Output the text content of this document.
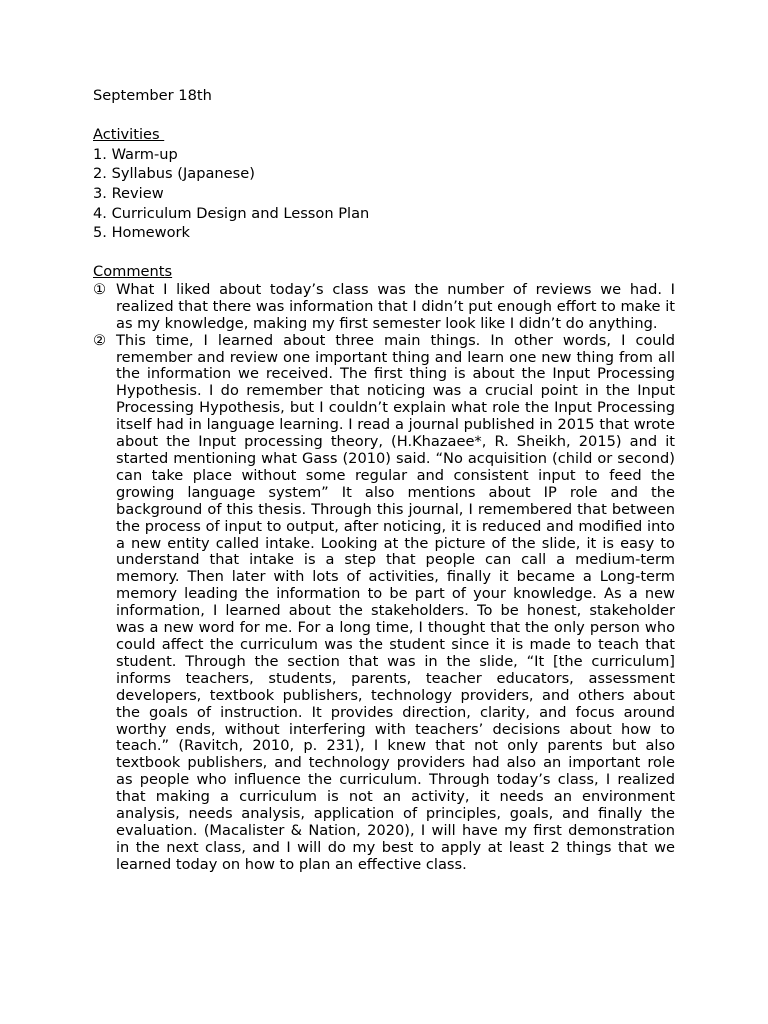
September 18th
Activities
1. Warm-up
2. Syllabus (Japanese)
3. Review
4. Curriculum Design and Lesson Plan
5. Homework
Comments
① What I liked about today’s class was the number of reviews we had. I realized that there was information that I didn’t put enough effort to make it as my knowledge, making my first semester look like I didn’t do anything.
② This time, I learned about three main things. In other words, I could remember and review one important thing and learn one new thing from all the information we received. The first thing is about the Input Processing Hypothesis. I do remember that noticing was a crucial point in the Input Processing Hypothesis, but I couldn’t explain what role the Input Processing itself had in language learning. I read a journal published in 2015 that wrote about the Input processing theory, (H.Khazaee*, R. Sheikh, 2015) and it started mentioning what Gass (2010) said. “No acquisition (child or second) can take place without some regular and consistent input to feed the growing language system” It also mentions about IP role and the background of this thesis. Through this journal, I remembered that between the process of input to output, after noticing, it is reduced and modified into a new entity called intake. Looking at the picture of the slide, it is easy to understand that intake is a step that people can call a medium-term memory. Then later with lots of activities, finally it became a Long-term memory leading the information to be part of your knowledge. As a new information, I learned about the stakeholders. To be honest, stakeholder was a new word for me. For a long time, I thought that the only person who could affect the curriculum was the student since it is made to teach that student. Through the section that was in the slide, “It [the curriculum] informs teachers, students, parents, teacher educators, assessment developers, textbook publishers, technology providers, and others about the goals of instruction. It provides direction, clarity, and focus around worthy ends, without interfering with teachers’ decisions about how to teach.” (Ravitch, 2010, p. 231), I knew that not only parents but also textbook publishers, and technology providers had also an important role as people who influence the curriculum. Through today’s class, I realized that making a curriculum is not an activity, it needs an environment analysis, needs analysis, application of principles, goals, and finally the evaluation. (Macalister & Nation, 2020), I will have my first demonstration in the next class, and I will do my best to apply at least 2 things that we learned today on how to plan an effective class.
